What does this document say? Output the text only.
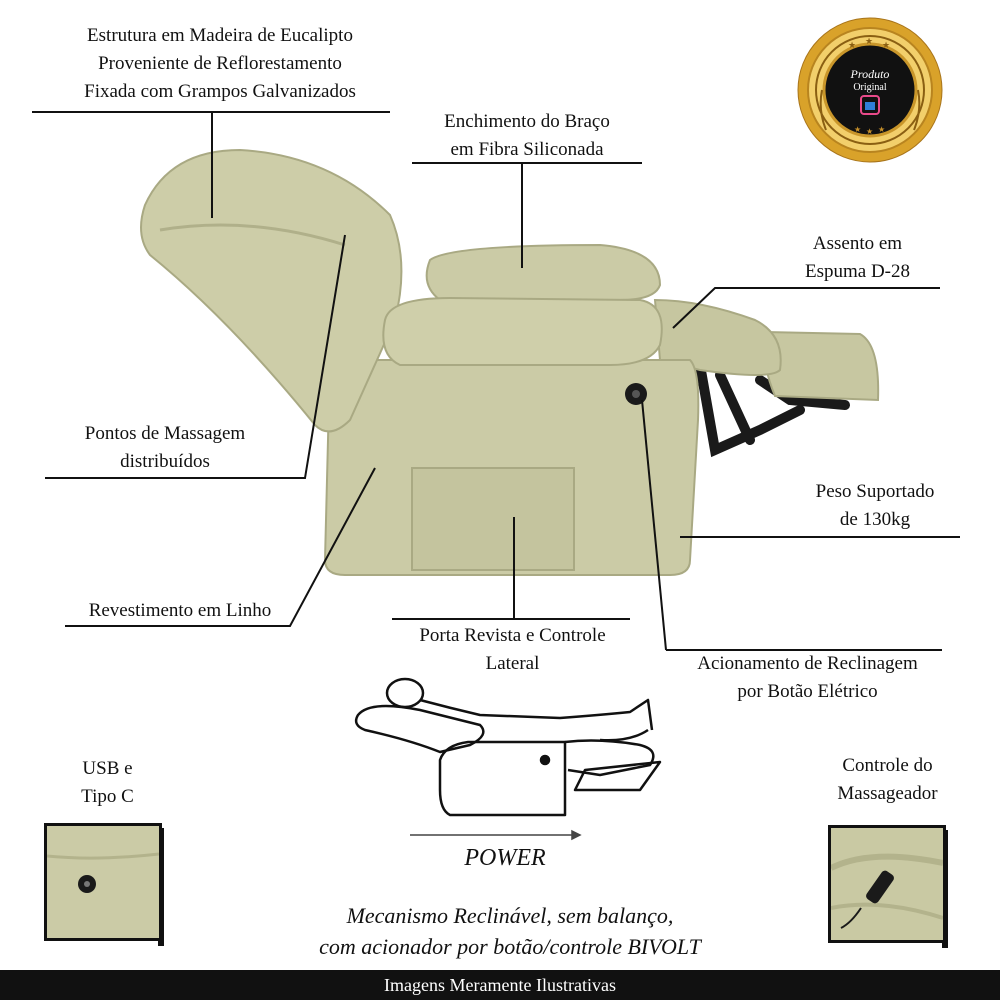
Estrutura em Madeira de Eucalipto
Proveniente de Reflorestamento
Fixada com Grampos Galvanizados
Enchimento do Braço
em Fibra Siliconada
Assento em
Espuma D-28
Pontos de Massagem
distribuídos
Peso Suportado
de 130kg
Revestimento em Linho
Porta Revista e Controle
Lateral	Acionamento de Reclinagem
por Botão Elétrico
★ ★ ★
Produto
Original
★ ★ ★
USB e
Tipo C
Controle do
Massageador
POWER
Mecanismo Reclinável, sem balanço,
com acionador por botão/controle BIVOLT
Imagens Meramente Ilustrativas
